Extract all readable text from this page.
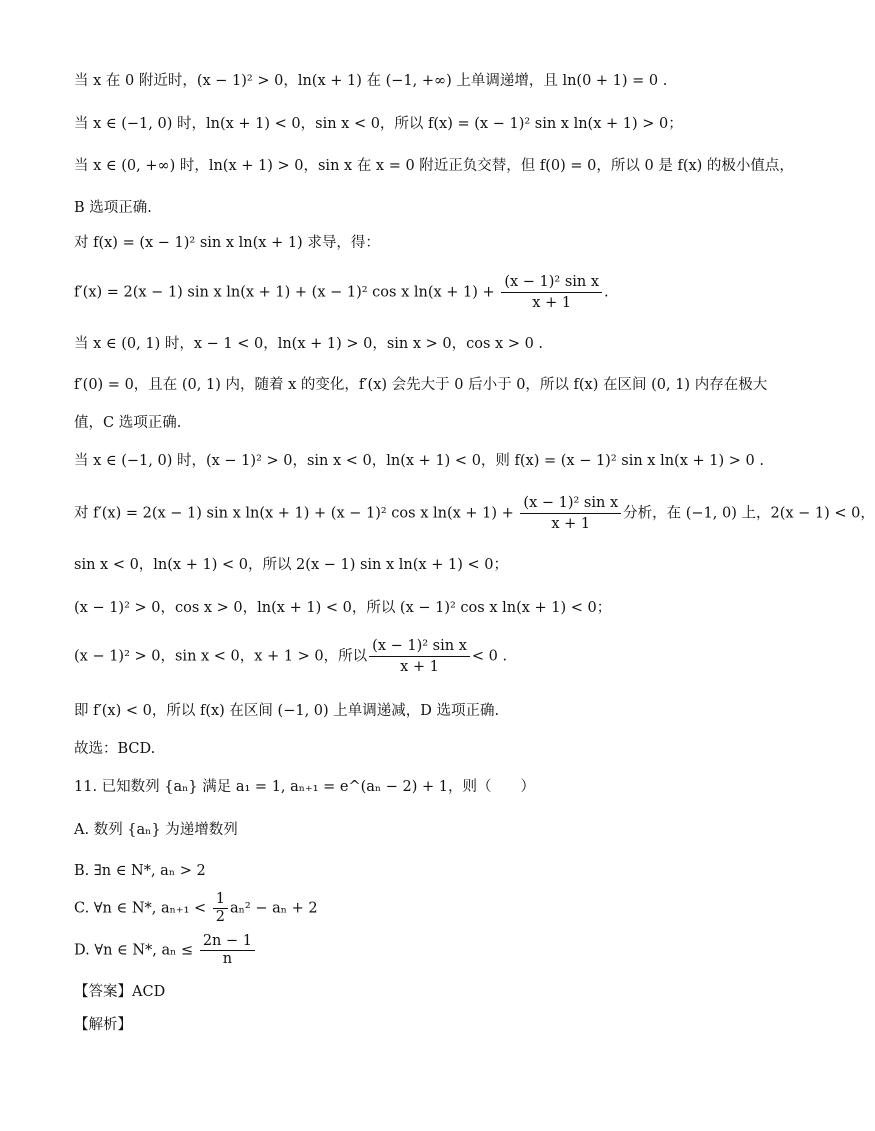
当 x 在 0 附近时，(x − 1)² > 0，ln(x + 1) 在 (−1, +∞) 上单调递增，且 ln(0 + 1) = 0 .
当 x ∈ (−1, 0) 时，ln(x + 1) < 0，sin x < 0，所以 f(x) = (x − 1)² sin x ln(x + 1) > 0；
当 x ∈ (0, +∞) 时，ln(x + 1) > 0，sin x 在 x = 0 附近正负交替，但 f(0) = 0，所以 0 是 f(x) 的极小值点，
B 选项正确.
对 f(x) = (x − 1)² sin x ln(x + 1) 求导，得：
f′(x) = 2(x − 1) sin x ln(x + 1) + (x − 1)² cos x $\ln(x + 1) + \frac{\text{(x − 1)² sin x}}{x + 1}$ .
当 x ∈ (0, 1) 时，x − 1 < 0，ln(x + 1) > 0，sin x > 0，cos x > 0 .
f′(0) = 0，且在 (0, 1) 内，随着 x 的变化，f′(x) 会先大于 0 后小于 0，所以 f(x) 在区间 (0, 1) 内存在极大
值，C 选项正确.
当 x ∈ (−1, 0) 时，(x − 1)² > 0，sin x < 0，ln(x + 1) < 0，则 f(x) = (x − 1)² sin x ln(x + 1) > 0 .
对 f′(x) = 2(x − 1) sin x ln(x + 1) + (x − 1)² cos x $\ln(x + 1) + \frac{\text{(x − 1)² sin x}}{x + 1}$ 分析，在 (−1, 0) 上，2(x − 1) < 0，
sin x < 0，ln(x + 1) < 0，所以 2(x − 1) sin x ln(x + 1) < 0；
(x − 1)² > 0，cos x > 0，ln(x + 1) < 0，所以 (x − 1)² cos x ln(x + 1) < 0；
(x − 1)² > 0，sin x < 0，x + 1 > 0，所以 $\frac{\text{(x − 1)² sin x}}{x + 1} < 0$ .
即 f′(x) < 0，所以 f(x) 在区间 (−1, 0) 上单调递减，D 选项正确.
故选：BCD.
11. 已知数列 {aₙ} 满足 a₁ = 1, aₙ₊₁ = e^(aₙ − 2) + 1，则（　　）
A. 数列 {aₙ} 为递增数列
B. ∃n ∈ N*, aₙ > 2
C. ∀n ∈ N*, $a_{n+1} < \frac{1}{2} a_n^2 - a_n + 2$
D. ∀n ∈ N*, $a_n \le \frac{2n - 1}{n}$
【答案】ACD
【解析】
